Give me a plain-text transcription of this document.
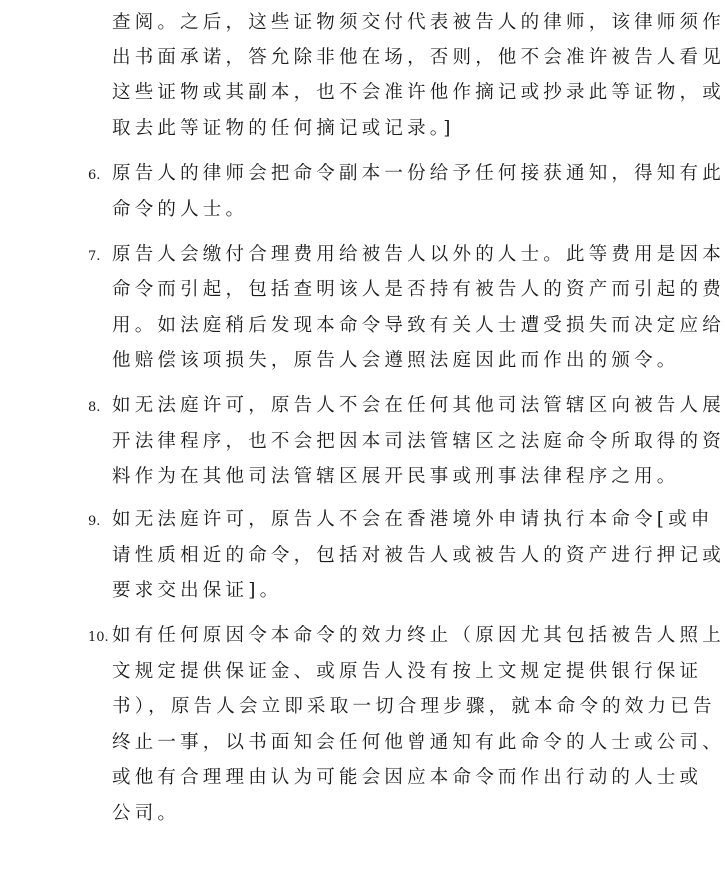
查阅。之后，这些证物须交付代表被告人的律师，该律师须作
出书面承诺，答允除非他在场，否则，他不会准许被告人看见
这些证物或其副本，也不会准许他作摘记或抄录此等证物，或
取去此等证物的任何摘记或记录。]
6. 原告人的律师会把命令副本一份给予任何接获通知，得知有此
命令的人士。
7. 原告人会缴付合理费用给被告人以外的人士。此等费用是因本
命令而引起，包括查明该人是否持有被告人的资产而引起的费
用。如法庭稍后发现本命令导致有关人士遭受损失而决定应给
他赔偿该项损失，原告人会遵照法庭因此而作出的颁令。
8. 如无法庭许可，原告人不会在任何其他司法管辖区向被告人展
开法律程序，也不会把因本司法管辖区之法庭命令所取得的资
料作为在其他司法管辖区展开民事或刑事法律程序之用。
9. 如无法庭许可，原告人不会在香港境外申请执行本命令[或申
请性质相近的命令，包括对被告人或被告人的资产进行押记或
要求交出保证]。
10. 如有任何原因令本命令的效力终止（原因尤其包括被告人照上
文规定提供保证金、或原告人没有按上文规定提供银行保证
书），原告人会立即采取一切合理步骤，就本命令的效力已告
终止一事，以书面知会任何他曾通知有此命令的人士或公司、
或他有合理理由认为可能会因应本命令而作出行动的人士或
公司。
